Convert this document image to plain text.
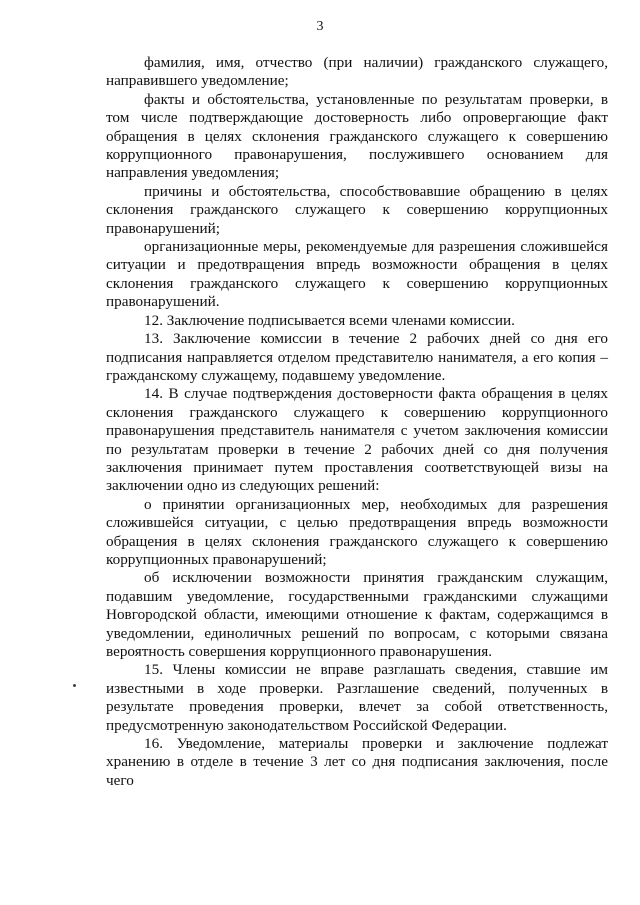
3

фамилия, имя, отчество (при наличии) гражданского служащего, направившего уведомление;

факты и обстоятельства, установленные по результатам проверки, в том числе подтверждающие достоверность либо опровергающие факт обращения в целях склонения гражданского служащего к совершению коррупционного правонарушения, послужившего основанием для направления уведомления;

причины и обстоятельства, способствовавшие обращению в целях склонения гражданского служащего к совершению коррупционных правонарушений;

организационные меры, рекомендуемые для разрешения сложившейся ситуации и предотвращения впредь возможности обращения в целях склонения гражданского служащего к совершению коррупционных правонарушений.

12. Заключение подписывается всеми членами комиссии.

13. Заключение комиссии в течение 2 рабочих дней со дня его подписания направляется отделом представителю нанимателя, а его копия – гражданскому служащему, подавшему уведомление.

14. В случае подтверждения достоверности факта обращения в целях склонения гражданского служащего к совершению коррупционного правонарушения представитель нанимателя с учетом заключения комиссии по результатам проверки в течение 2 рабочих дней со дня получения заключения принимает путем проставления соответствующей визы на заключении одно из следующих решений:

о принятии организационных мер, необходимых для разрешения сложившейся ситуации, с целью предотвращения впредь возможности обращения в целях склонения гражданского служащего к совершению коррупционных правонарушений;

об исключении возможности принятия гражданским служащим, подавшим уведомление, государственными гражданскими служащими Новгородской области, имеющими отношение к фактам, содержащимся в уведомлении, единоличных решений по вопросам, с которыми связана вероятность совершения коррупционного правонарушения.

15. Члены комиссии не вправе разглашать сведения, ставшие им известными в ходе проверки. Разглашение сведений, полученных в результате проведения проверки, влечет за собой ответственность, предусмотренную законодательством Российской Федерации.

16. Уведомление, материалы проверки и заключение подлежат хранению в отделе в течение 3 лет со дня подписания заключения, после чего
